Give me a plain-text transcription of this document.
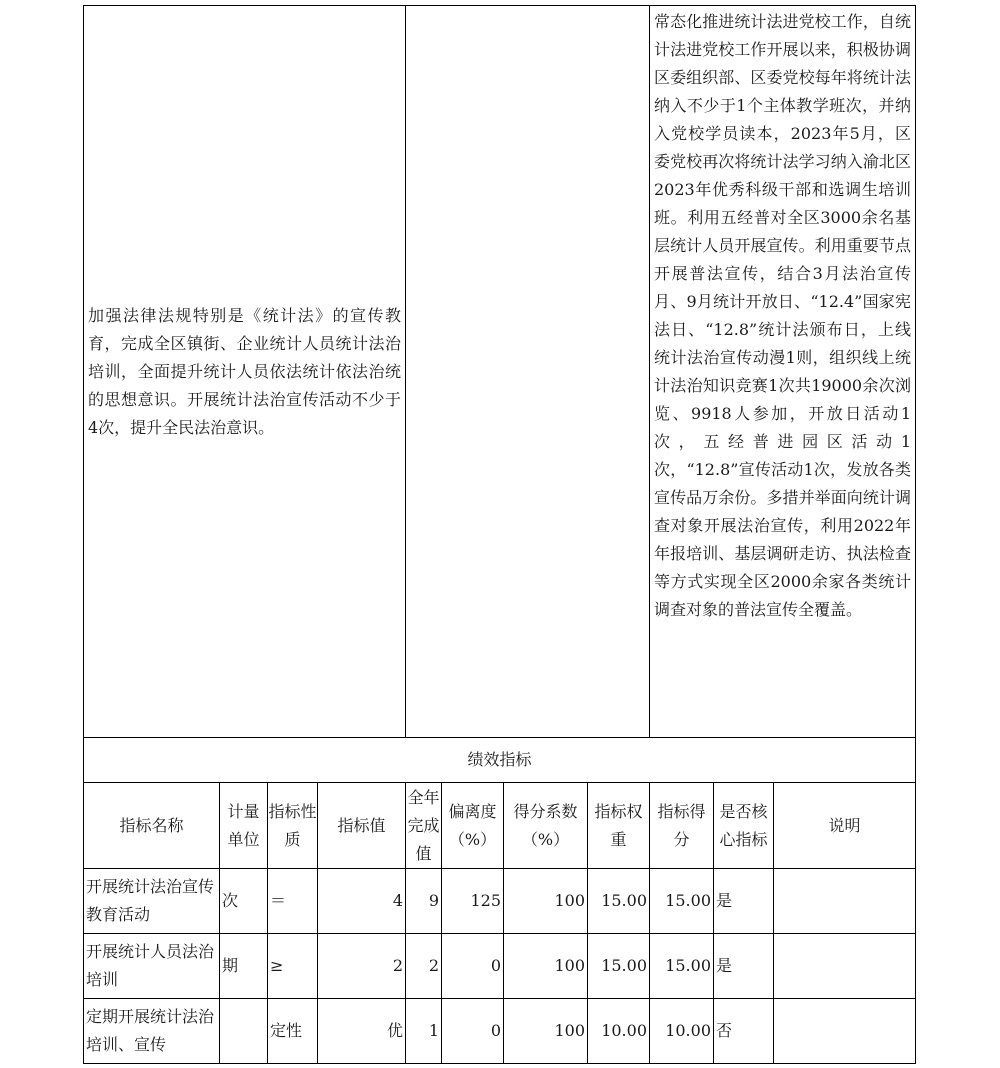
加强法律法规特别是《统计法》的宣传教育，完成全区镇街、企业统计人员统计法治培训，全面提升统计人员依法统计依法治统的思想意识。开展统计法治宣传活动不少于4次，提升全民法治意识。								常态化推进统计法进党校工作，自统计法进党校工作开展以来，积极协调区委组织部、区委党校每年将统计法纳入不少于1个主体教学班次，并纳入党校学员读本，2023年5月，区委党校再次将统计法学习纳入渝北区2023年优秀科级干部和选调生培训班。利用五经普对全区3000余名基层统计人员开展宣传。利用重要节点开展普法宣传，结合3月法治宣传月、9月统计开放日、“12.4”国家宪法日、“12.8”统计法颁布日，上线统计法治宣传动漫1则，组织线上统计法治知识竞赛1次共19000余次浏览、9918人参加，开放日活动1次，五经普进园区活动1次，“12.8”宣传活动1次，发放各类宣传品万余份。多措并举面向统计调查对象开展法治宣传，利用2022年年报培训、基层调研走访、执法检查等方式实现全区2000余家各类统计调查对象的普法宣传全覆盖。		

绩效指标										
指标名称	计量单位	指标性质	指标值	全年完成值	偏离度（%）	得分系数（%）	指标权重	指标得分	是否核心指标	说明
开展统计法治宣传教育活动	次	＝	4	9	125	100	15.00	15.00	是	
开展统计人员法治培训	期	≥	2	2	0	100	15.00	15.00	是	
定期开展统计法治培训、宣传		定性	优	1	0	100	10.00	10.00	否	
